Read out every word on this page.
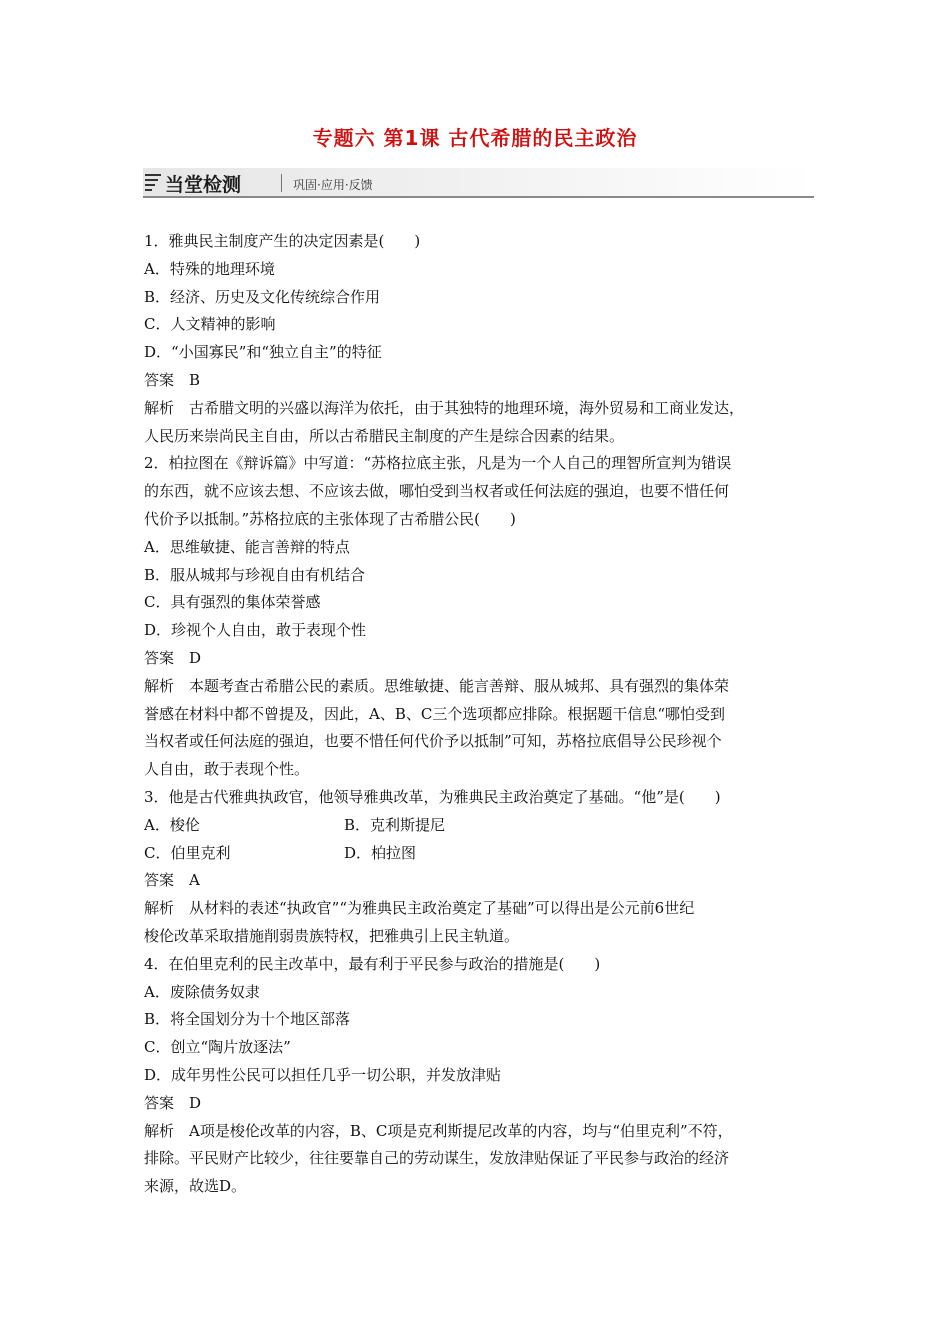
专题六 第1课 古代希腊的民主政治
当堂检测	巩固·应用·反馈
1．雅典民主制度产生的决定因素是(　　)
A．特殊的地理环境
B．经济、历史及文化传统综合作用
C．人文精神的影响
D．“小国寡民”和“独立自主”的特征
答案　B
解析　古希腊文明的兴盛以海洋为依托，由于其独特的地理环境，海外贸易和工商业发达，
人民历来崇尚民主自由，所以古希腊民主制度的产生是综合因素的结果。
2．柏拉图在《辩诉篇》中写道：“苏格拉底主张，凡是为一个人自己的理智所宣判为错误
的东西，就不应该去想、不应该去做，哪怕受到当权者或任何法庭的强迫，也要不惜任何
代价予以抵制。”苏格拉底的主张体现了古希腊公民(　　)
A．思维敏捷、能言善辩的特点
B．服从城邦与珍视自由有机结合
C．具有强烈的集体荣誉感
D．珍视个人自由，敢于表现个性
答案　D
解析　本题考查古希腊公民的素质。思维敏捷、能言善辩、服从城邦、具有强烈的集体荣
誉感在材料中都不曾提及，因此，A、B、C三个选项都应排除。根据题干信息“哪怕受到
当权者或任何法庭的强迫，也要不惜任何代价予以抵制”可知，苏格拉底倡导公民珍视个
人自由，敢于表现个性。
3．他是古代雅典执政官，他领导雅典改革，为雅典民主政治奠定了基础。“他”是(　　)
A．梭伦	B．克利斯提尼
C．伯里克利	D．柏拉图
答案　A
解析　从材料的表述“执政官”“为雅典民主政治奠定了基础”可以得出是公元前6世纪
梭伦改革采取措施削弱贵族特权，把雅典引上民主轨道。
4．在伯里克利的民主改革中，最有利于平民参与政治的措施是(　　)
A．废除债务奴隶
B．将全国划分为十个地区部落
C．创立“陶片放逐法”
D．成年男性公民可以担任几乎一切公职，并发放津贴
答案　D
解析　A项是梭伦改革的内容，B、C项是克利斯提尼改革的内容，均与“伯里克利”不符，
排除。平民财产比较少，往往要靠自己的劳动谋生，发放津贴保证了平民参与政治的经济
来源，故选D。
